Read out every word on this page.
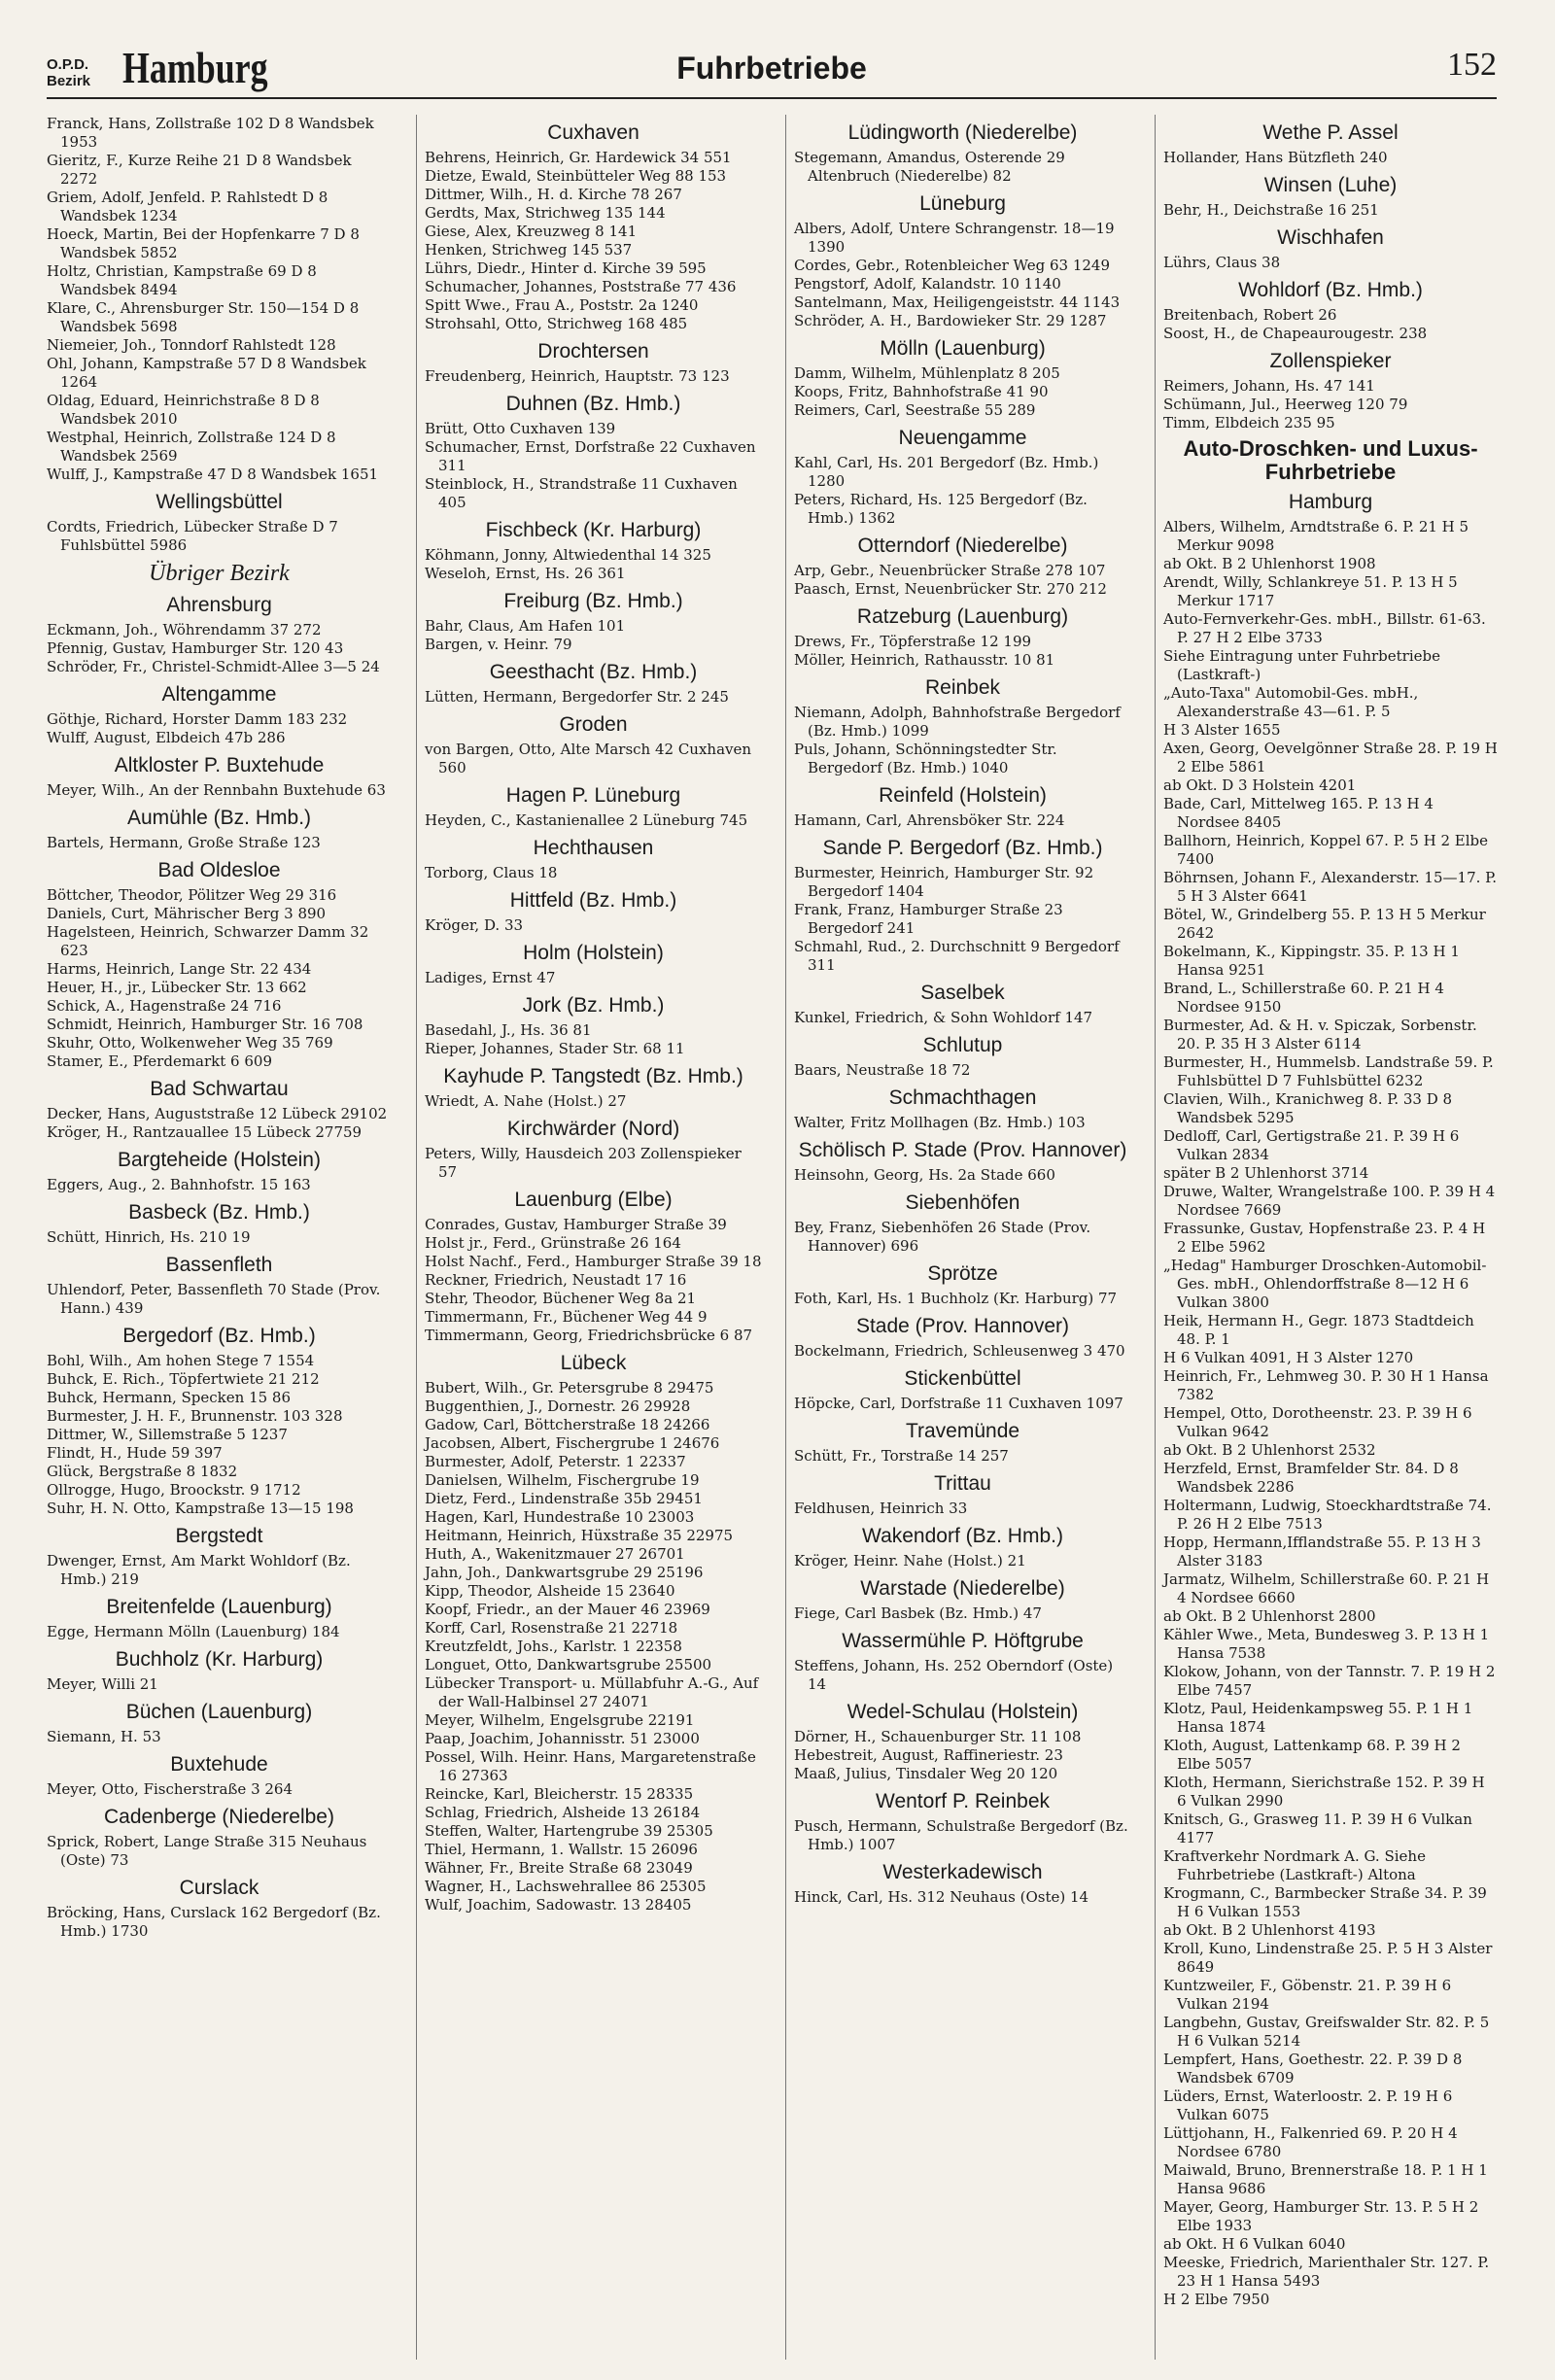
O.P.D.
Bezirk Hamburg	Fuhrbetriebe	152
Franck, Hans, Zollstraße 102 D 8 Wandsbek 1953
Gieritz, F., Kurze Reihe 21 D 8 Wandsbek 2272
Griem, Adolf, Jenfeld. P. Rahlstedt D 8 Wandsbek 1234
Hoeck, Martin, Bei der Hopfenkarre 7 D 8 Wandsbek 5852
Holtz, Christian, Kampstraße 69 D 8 Wandsbek 8494
Klare, C., Ahrensburger Str. 150—154 D 8 Wandsbek 5698
Niemeier, Joh., Tonndorf Rahlstedt 128
Ohl, Johann, Kampstraße 57 D 8 Wandsbek 1264
Oldag, Eduard, Heinrichstraße 8 D 8 Wandsbek 2010
Westphal, Heinrich, Zollstraße 124 D 8 Wandsbek 2569
Wulff, J., Kampstraße 47 D 8 Wandsbek 1651
Wellingsbüttel
Cordts, Friedrich, Lübecker Straße D 7 Fuhlsbüttel 5986
Übriger Bezirk
Ahrensburg
Eckmann, Joh., Wöhrendamm 37 272
Pfennig, Gustav, Hamburger Str. 120 43
Schröder, Fr., Christel-Schmidt-Allee 3—5 24
Altengamme
Göthje, Richard, Horster Damm 183 232
Wulff, August, Elbdeich 47b 286
Altkloster P. Buxtehude
Meyer, Wilh., An der Rennbahn Buxtehude 63
Aumühle (Bz. Hmb.)
Bartels, Hermann, Große Straße 123
Bad Oldesloe
Böttcher, Theodor, Pölitzer Weg 29 316
Daniels, Curt, Mährischer Berg 3 890
Hagelsteen, Heinrich, Schwarzer Damm 32 623
Harms, Heinrich, Lange Str. 22 434
Heuer, H., jr., Lübecker Str. 13 662
Schick, A., Hagenstraße 24 716
Schmidt, Heinrich, Hamburger Str. 16 708
Skuhr, Otto, Wolkenweher Weg 35 769
Stamer, E., Pferdemarkt 6 609
Bad Schwartau
Decker, Hans, Auguststraße 12 Lübeck 29102
Kröger, H., Rantzauallee 15 Lübeck 27759
Bargteheide (Holstein)
Eggers, Aug., 2. Bahnhofstr. 15 163
Basbeck (Bz. Hmb.)
Schütt, Hinrich, Hs. 210 19
Bassenfleth
Uhlendorf, Peter, Bassenfleth 70 Stade (Prov. Hann.) 439
Bergedorf (Bz. Hmb.)
Bohl, Wilh., Am hohen Stege 7 1554
Buhck, E. Rich., Töpfertwiete 21 212
Buhck, Hermann, Specken 15 86
Burmester, J. H. F., Brunnenstr. 103 328
Dittmer, W., Sillemstraße 5 1237
Flindt, H., Hude 59 397
Glück, Bergstraße 8 1832
Ollrogge, Hugo, Broockstr. 9 1712
Suhr, H. N. Otto, Kampstraße 13—15 198
Bergstedt
Dwenger, Ernst, Am Markt Wohldorf (Bz. Hmb.) 219
Breitenfelde (Lauenburg)
Egge, Hermann Mölln (Lauenburg) 184
Buchholz (Kr. Harburg)
Meyer, Willi 21
Büchen (Lauenburg)
Siemann, H. 53
Buxtehude
Meyer, Otto, Fischerstraße 3 264
Cadenberge (Niederelbe)
Sprick, Robert, Lange Straße 315 Neuhaus (Oste) 73
Curslack
Bröcking, Hans, Curslack 162 Bergedorf (Bz. Hmb.) 1730
Cuxhaven
Behrens, Heinrich, Gr. Hardewick 34 551
Dietze, Ewald, Steinbütteler Weg 88 153
Dittmer, Wilh., H. d. Kirche 78 267
Gerdts, Max, Strichweg 135 144
Giese, Alex, Kreuzweg 8 141
Henken, Strichweg 145 537
Lührs, Diedr., Hinter d. Kirche 39 595
Schumacher, Johannes, Poststraße 77 436
Spitt Wwe., Frau A., Poststr. 2a 1240
Strohsahl, Otto, Strichweg 168 485
Drochtersen
Freudenberg, Heinrich, Hauptstr. 73 123
Duhnen (Bz. Hmb.)
Brütt, Otto Cuxhaven 139
Schumacher, Ernst, Dorfstraße 22 Cuxhaven 311
Steinblock, H., Strandstraße 11 Cuxhaven 405
Fischbeck (Kr. Harburg)
Köhmann, Jonny, Altwiedenthal 14 325
Weseloh, Ernst, Hs. 26 361
Freiburg (Bz. Hmb.)
Bahr, Claus, Am Hafen 101
Bargen, v. Heinr. 79
Geesthacht (Bz. Hmb.)
Lütten, Hermann, Bergedorfer Str. 2 245
Groden
von Bargen, Otto, Alte Marsch 42 Cuxhaven 560
Hagen P. Lüneburg
Heyden, C., Kastanienallee 2 Lüneburg 745
Hechthausen
Torborg, Claus 18
Hittfeld (Bz. Hmb.)
Kröger, D. 33
Holm (Holstein)
Ladiges, Ernst 47
Jork (Bz. Hmb.)
Basedahl, J., Hs. 36 81
Rieper, Johannes, Stader Str. 68 11
Kayhude P. Tangstedt (Bz. Hmb.)
Wriedt, A. Nahe (Holst.) 27
Kirchwärder (Nord)
Peters, Willy, Hausdeich 203 Zollenspieker 57
Lauenburg (Elbe)
Conrades, Gustav, Hamburger Straße 39
Holst jr., Ferd., Grünstraße 26 164
Holst Nachf., Ferd., Hamburger Straße 39 18
Reckner, Friedrich, Neustadt 17 16
Stehr, Theodor, Büchener Weg 8a 21
Timmermann, Fr., Büchener Weg 44 9
Timmermann, Georg, Friedrichsbrücke 6 87
Lübeck
Bubert, Wilh., Gr. Petersgrube 8 29475
Buggenthien, J., Dornestr. 26 29928
Gadow, Carl, Böttcherstraße 18 24266
Jacobsen, Albert, Fischergrube 1 24676
Burmester, Adolf, Peterstr. 1 22337
Danielsen, Wilhelm, Fischergrube 19
Dietz, Ferd., Lindenstraße 35b 29451
Hagen, Karl, Hundestraße 10 23003
Heitmann, Heinrich, Hüxstraße 35 22975
Huth, A., Wakenitzmauer 27 26701
Jahn, Joh., Dankwartsgrube 29 25196
Kipp, Theodor, Alsheide 15 23640
Koopf, Friedr., an der Mauer 46 23969
Korff, Carl, Rosenstraße 21 22718
Kreutzfeldt, Johs., Karlstr. 1 22358
Longuet, Otto, Dankwartsgrube 25500
Lübecker Transport- u. Müllabfuhr A.-G., Auf der Wall-Halbinsel 27 24071
Meyer, Wilhelm, Engelsgrube 22191
Paap, Joachim, Johannisstr. 51 23000
Possel, Wilh. Heinr. Hans, Margaretenstraße 16 27363
Reincke, Karl, Bleicherstr. 15 28335
Schlag, Friedrich, Alsheide 13 26184
Steffen, Walter, Hartengrube 39 25305
Thiel, Hermann, 1. Wallstr. 15 26096
Wähner, Fr., Breite Straße 68 23049
Wagner, H., Lachswehrallee 86 25305
Wulf, Joachim, Sadowastr. 13 28405
Lüdingworth (Niederelbe)
Stegemann, Amandus, Osterende 29 Altenbruch (Niederelbe) 82
Lüneburg
Albers, Adolf, Untere Schrangenstr. 18—19 1390
Cordes, Gebr., Rotenbleicher Weg 63 1249
Pengstorf, Adolf, Kalandstr. 10 1140
Santelmann, Max, Heiligengeiststr. 44 1143
Schröder, A. H., Bardowieker Str. 29 1287
Mölln (Lauenburg)
Damm, Wilhelm, Mühlenplatz 8 205
Koops, Fritz, Bahnhofstraße 41 90
Reimers, Carl, Seestraße 55 289
Neuengamme
Kahl, Carl, Hs. 201 Bergedorf (Bz. Hmb.) 1280
Peters, Richard, Hs. 125 Bergedorf (Bz. Hmb.) 1362
Otterndorf (Niederelbe)
Arp, Gebr., Neuenbrücker Straße 278 107
Paasch, Ernst, Neuenbrücker Str. 270 212
Ratzeburg (Lauenburg)
Drews, Fr., Töpferstraße 12 199
Möller, Heinrich, Rathausstr. 10 81
Reinbek
Niemann, Adolph, Bahnhofstraße Bergedorf (Bz. Hmb.) 1099
Puls, Johann, Schönningstedter Str. Bergedorf (Bz. Hmb.) 1040
Reinfeld (Holstein)
Hamann, Carl, Ahrensböker Str. 224
Sande P. Bergedorf (Bz. Hmb.)
Burmester, Heinrich, Hamburger Str. 92 Bergedorf 1404
Frank, Franz, Hamburger Straße 23 Bergedorf 241
Schmahl, Rud., 2. Durchschnitt 9 Bergedorf 311
Saselbek
Kunkel, Friedrich, & Sohn Wohldorf 147
Schlutup
Baars, Neustraße 18 72
Schmachthagen
Walter, Fritz Mollhagen (Bz. Hmb.) 103
Schölisch P. Stade (Prov. Hannover)
Heinsohn, Georg, Hs. 2a Stade 660
Siebenhöfen
Bey, Franz, Siebenhöfen 26 Stade (Prov. Hannover) 696
Sprötze
Foth, Karl, Hs. 1 Buchholz (Kr. Harburg) 77
Stade (Prov. Hannover)
Bockelmann, Friedrich, Schleusenweg 3 470
Stickenbüttel
Höpcke, Carl, Dorfstraße 11 Cuxhaven 1097
Travemünde
Schütt, Fr., Torstraße 14 257
Trittau
Feldhusen, Heinrich 33
Wakendorf (Bz. Hmb.)
Kröger, Heinr. Nahe (Holst.) 21
Warstade (Niederelbe)
Fiege, Carl Basbek (Bz. Hmb.) 47
Wassermühle P. Höftgrube
Steffens, Johann, Hs. 252 Oberndorf (Oste) 14
Wedel-Schulau (Holstein)
Dörner, H., Schauenburger Str. 11 108
Hebestreit, August, Raffineriestr. 23
Maaß, Julius, Tinsdaler Weg 20 120
Wentorf P. Reinbek
Pusch, Hermann, Schulstraße Bergedorf (Bz. Hmb.) 1007
Westerkadewisch
Hinck, Carl, Hs. 312 Neuhaus (Oste) 14
Wethe P. Assel
Hollander, Hans Bützfleth 240
Winsen (Luhe)
Behr, H., Deichstraße 16 251
Wischhafen
Lührs, Claus 38
Wohldorf (Bz. Hmb.)
Breitenbach, Robert 26
Soost, H., de Chapeaurougestr. 238
Zollenspieker
Reimers, Johann, Hs. 47 141
Schümann, Jul., Heerweg 120 79
Timm, Elbdeich 235 95
Auto-Droschken- und Luxus-Fuhrbetriebe
Hamburg
Albers, Wilhelm, Arndtstraße 6. P. 21 H 5 Merkur 9098
ab Okt. B 2 Uhlenhorst 1908
Arendt, Willy, Schlankreye 51. P. 13 H 5 Merkur 1717
Auto-Fernverkehr-Ges. mbH., Billstr. 61-63. P. 27 H 2 Elbe 3733
Siehe Eintragung unter Fuhrbetriebe (Lastkraft-)
„Auto-Taxa" Automobil-Ges. mbH., Alexanderstraße 43—61. P. 5
H 3 Alster 1655
Axen, Georg, Oevelgönner Straße 28. P. 19 H 2 Elbe 5861
ab Okt. D 3 Holstein 4201
Bade, Carl, Mittelweg 165. P. 13 H 4 Nordsee 8405
Ballhorn, Heinrich, Koppel 67. P. 5 H 2 Elbe 7400
Böhrnsen, Johann F., Alexanderstr. 15—17. P. 5 H 3 Alster 6641
Bötel, W., Grindelberg 55. P. 13 H 5 Merkur 2642
Bokelmann, K., Kippingstr. 35. P. 13 H 1 Hansa 9251
Brand, L., Schillerstraße 60. P. 21 H 4 Nordsee 9150
Burmester, Ad. & H. v. Spiczak, Sorbenstr. 20. P. 35 H 3 Alster 6114
Burmester, H., Hummelsb. Landstraße 59. P. Fuhlsbüttel D 7 Fuhlsbüttel 6232
Clavien, Wilh., Kranichweg 8. P. 33 D 8 Wandsbek 5295
Dedloff, Carl, Gertigstraße 21. P. 39 H 6 Vulkan 2834
später B 2 Uhlenhorst 3714
Druwe, Walter, Wrangelstraße 100. P. 39 H 4 Nordsee 7669
Frassunke, Gustav, Hopfenstraße 23. P. 4 H 2 Elbe 5962
„Hedag" Hamburger Droschken-Automobil-Ges. mbH., Ohlendorffstraße 8—12 H 6 Vulkan 3800
Heik, Hermann H., Gegr. 1873 Stadtdeich 48. P. 1
H 6 Vulkan 4091, H 3 Alster 1270
Heinrich, Fr., Lehmweg 30. P. 30 H 1 Hansa 7382
Hempel, Otto, Dorotheenstr. 23. P. 39 H 6 Vulkan 9642
ab Okt. B 2 Uhlenhorst 2532
Herzfeld, Ernst, Bramfelder Str. 84. D 8 Wandsbek 2286
Holtermann, Ludwig, Stoeckhardtstraße 74. P. 26 H 2 Elbe 7513
Hopp, Hermann,Ifflandstraße 55. P. 13 H 3 Alster 3183
Jarmatz, Wilhelm, Schillerstraße 60. P. 21 H 4 Nordsee 6660
ab Okt. B 2 Uhlenhorst 2800
Kähler Wwe., Meta, Bundesweg 3. P. 13 H 1 Hansa 7538
Klokow, Johann, von der Tannstr. 7. P. 19 H 2 Elbe 7457
Klotz, Paul, Heidenkampsweg 55. P. 1 H 1 Hansa 1874
Kloth, August, Lattenkamp 68. P. 39 H 2 Elbe 5057
Kloth, Hermann, Sierichstraße 152. P. 39 H 6 Vulkan 2990
Knitsch, G., Grasweg 11. P. 39 H 6 Vulkan 4177
Kraftverkehr Nordmark A. G. Siehe Fuhrbetriebe (Lastkraft-) Altona
Krogmann, C., Barmbecker Straße 34. P. 39 H 6 Vulkan 1553
ab Okt. B 2 Uhlenhorst 4193
Kroll, Kuno, Lindenstraße 25. P. 5 H 3 Alster 8649
Kuntzweiler, F., Göbenstr. 21. P. 39 H 6 Vulkan 2194
Langbehn, Gustav, Greifswalder Str. 82. P. 5 H 6 Vulkan 5214
Lempfert, Hans, Goethestr. 22. P. 39 D 8 Wandsbek 6709
Lüders, Ernst, Waterloostr. 2. P. 19 H 6 Vulkan 6075
Lüttjohann, H., Falkenried 69. P. 20 H 4 Nordsee 6780
Maiwald, Bruno, Brennerstraße 18. P. 1 H 1 Hansa 9686
Mayer, Georg, Hamburger Str. 13. P. 5 H 2 Elbe 1933
ab Okt. H 6 Vulkan 6040
Meeske, Friedrich, Marienthaler Str. 127. P. 23 H 1 Hansa 5493
H 2 Elbe 7950
